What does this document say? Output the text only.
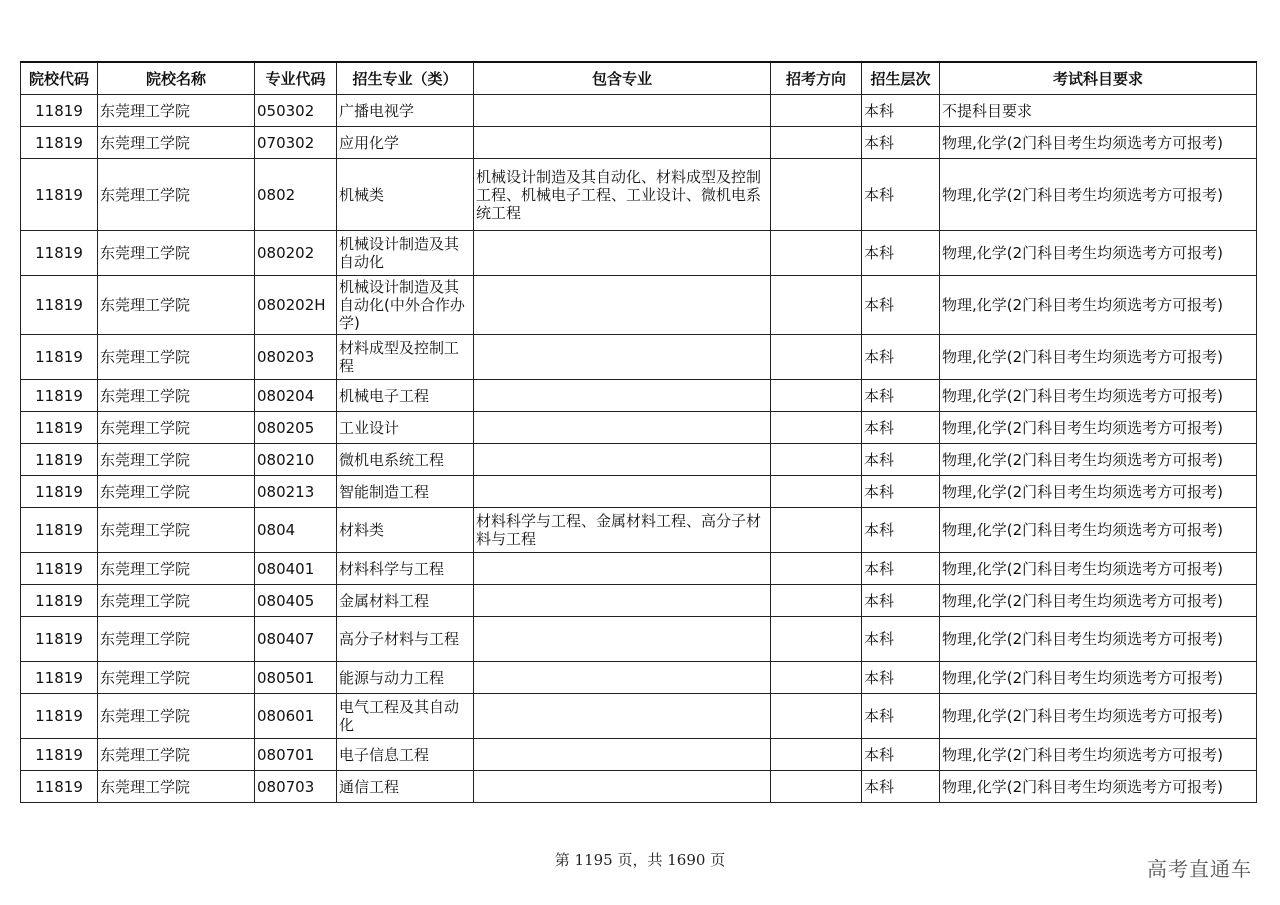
院校代码	院校名称	专业代码	招生专业（类）	包含专业	招考方向	招生层次	考试科目要求
11819	东莞理工学院	050302	广播电视学			本科	不提科目要求
11819	东莞理工学院	070302	应用化学			本科	物理,化学(2门科目考生均须选考方可报考)
11819	东莞理工学院	0802	机械类	机械设计制造及其自动化、材料成型及控制工程、机械电子工程、工业设计、微机电系统工程		本科	物理,化学(2门科目考生均须选考方可报考)
11819	东莞理工学院	080202	机械设计制造及其自动化			本科	物理,化学(2门科目考生均须选考方可报考)
11819	东莞理工学院	080202H	机械设计制造及其自动化(中外合作办学)			本科	物理,化学(2门科目考生均须选考方可报考)
11819	东莞理工学院	080203	材料成型及控制工程			本科	物理,化学(2门科目考生均须选考方可报考)
11819	东莞理工学院	080204	机械电子工程			本科	物理,化学(2门科目考生均须选考方可报考)
11819	东莞理工学院	080205	工业设计			本科	物理,化学(2门科目考生均须选考方可报考)
11819	东莞理工学院	080210	微机电系统工程			本科	物理,化学(2门科目考生均须选考方可报考)
11819	东莞理工学院	080213	智能制造工程			本科	物理,化学(2门科目考生均须选考方可报考)
11819	东莞理工学院	0804	材料类	材料科学与工程、金属材料工程、高分子材料与工程		本科	物理,化学(2门科目考生均须选考方可报考)
11819	东莞理工学院	080401	材料科学与工程			本科	物理,化学(2门科目考生均须选考方可报考)
11819	东莞理工学院	080405	金属材料工程			本科	物理,化学(2门科目考生均须选考方可报考)
11819	东莞理工学院	080407	高分子材料与工程			本科	物理,化学(2门科目考生均须选考方可报考)
11819	东莞理工学院	080501	能源与动力工程			本科	物理,化学(2门科目考生均须选考方可报考)
11819	东莞理工学院	080601	电气工程及其自动化			本科	物理,化学(2门科目考生均须选考方可报考)
11819	东莞理工学院	080701	电子信息工程			本科	物理,化学(2门科目考生均须选考方可报考)
11819	东莞理工学院	080703	通信工程			本科	物理,化学(2门科目考生均须选考方可报考)
第 1195 页，共 1690 页	高考直通车
